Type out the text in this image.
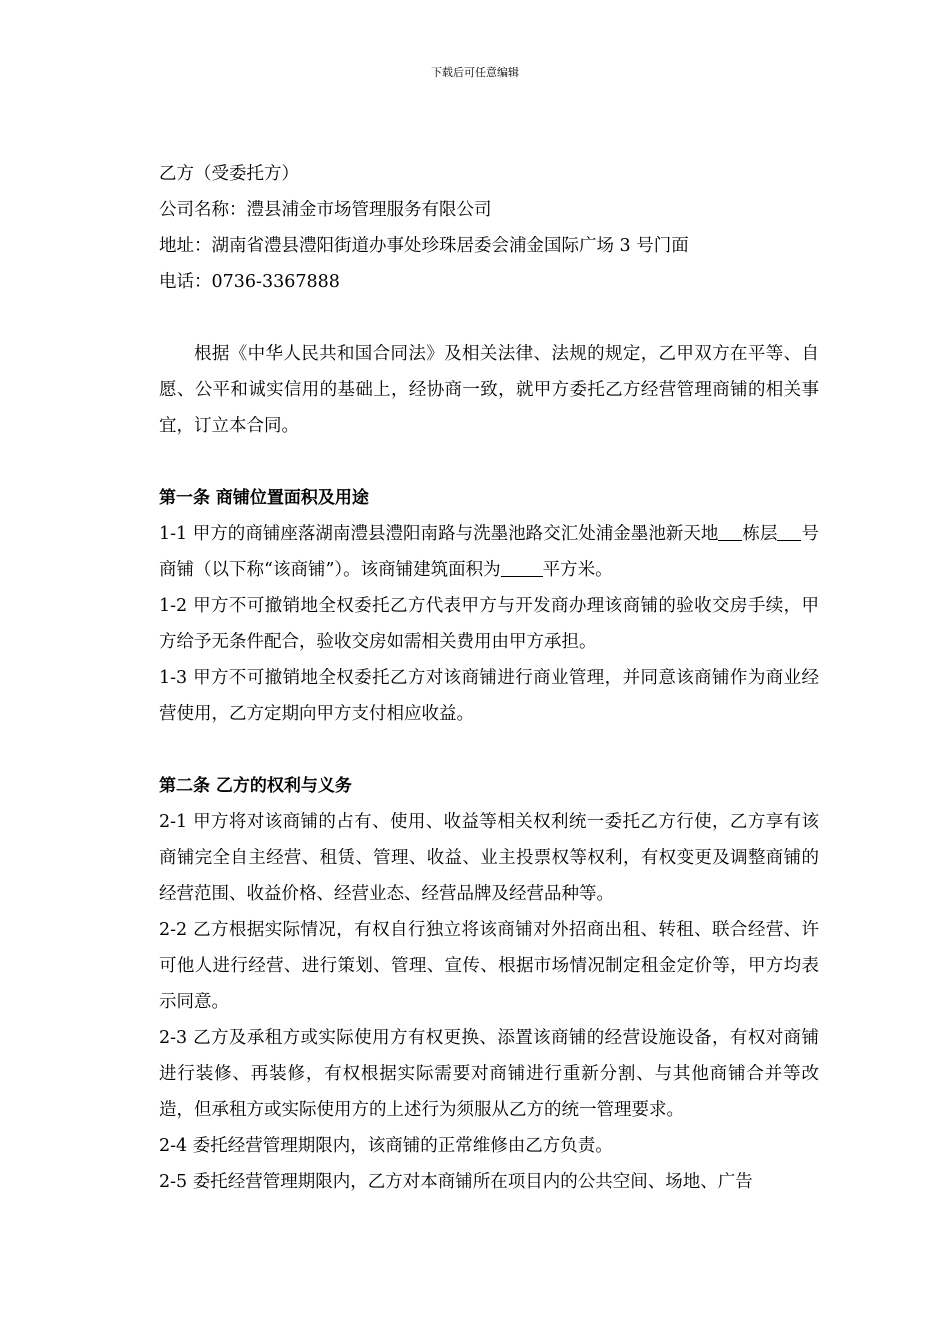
下载后可任意编辑

乙方（受委托方）

公司名称：澧县浦金市场管理服务有限公司

地址：湖南省澧县澧阳街道办事处珍珠居委会浦金国际广场 3 号门面

电话：0736-3367888

根据《中华人民共和国合同法》及相关法律、法规的规定，乙甲双方在平等、自愿、公平和诚实信用的基础上，经协商一致，就甲方委托乙方经营管理商铺的相关事宜，订立本合同。

第一条 商铺位置面积及用途

1-1 甲方的商铺座落湖南澧县澧阳南路与洗墨池路交汇处浦金墨池新天地 栋层 号商铺（以下称“该商铺”）。该商铺建筑面积为 平方米。

1-2 甲方不可撤销地全权委托乙方代表甲方与开发商办理该商铺的验收交房手续，甲方给予无条件配合，验收交房如需相关费用由甲方承担。

1-3 甲方不可撤销地全权委托乙方对该商铺进行商业管理，并同意该商铺作为商业经营使用，乙方定期向甲方支付相应收益。

第二条 乙方的权利与义务

2-1 甲方将对该商铺的占有、使用、收益等相关权利统一委托乙方行使，乙方享有该商铺完全自主经营、租赁、管理、收益、业主投票权等权利，有权变更及调整商铺的经营范围、收益价格、经营业态、经营品牌及经营品种等。

2-2 乙方根据实际情况，有权自行独立将该商铺对外招商出租、转租、联合经营、许可他人进行经营、进行策划、管理、宣传、根据市场情况制定租金定价等，甲方均表示同意。

2-3 乙方及承租方或实际使用方有权更换、添置该商铺的经营设施设备，有权对商铺进行装修、再装修，有权根据实际需要对商铺进行重新分割、与其他商铺合并等改造，但承租方或实际使用方的上述行为须服从乙方的统一管理要求。

2-4 委托经营管理期限内，该商铺的正常维修由乙方负责。

2-5 委托经营管理期限内，乙方对本商铺所在项目内的公共空间、场地、广告
